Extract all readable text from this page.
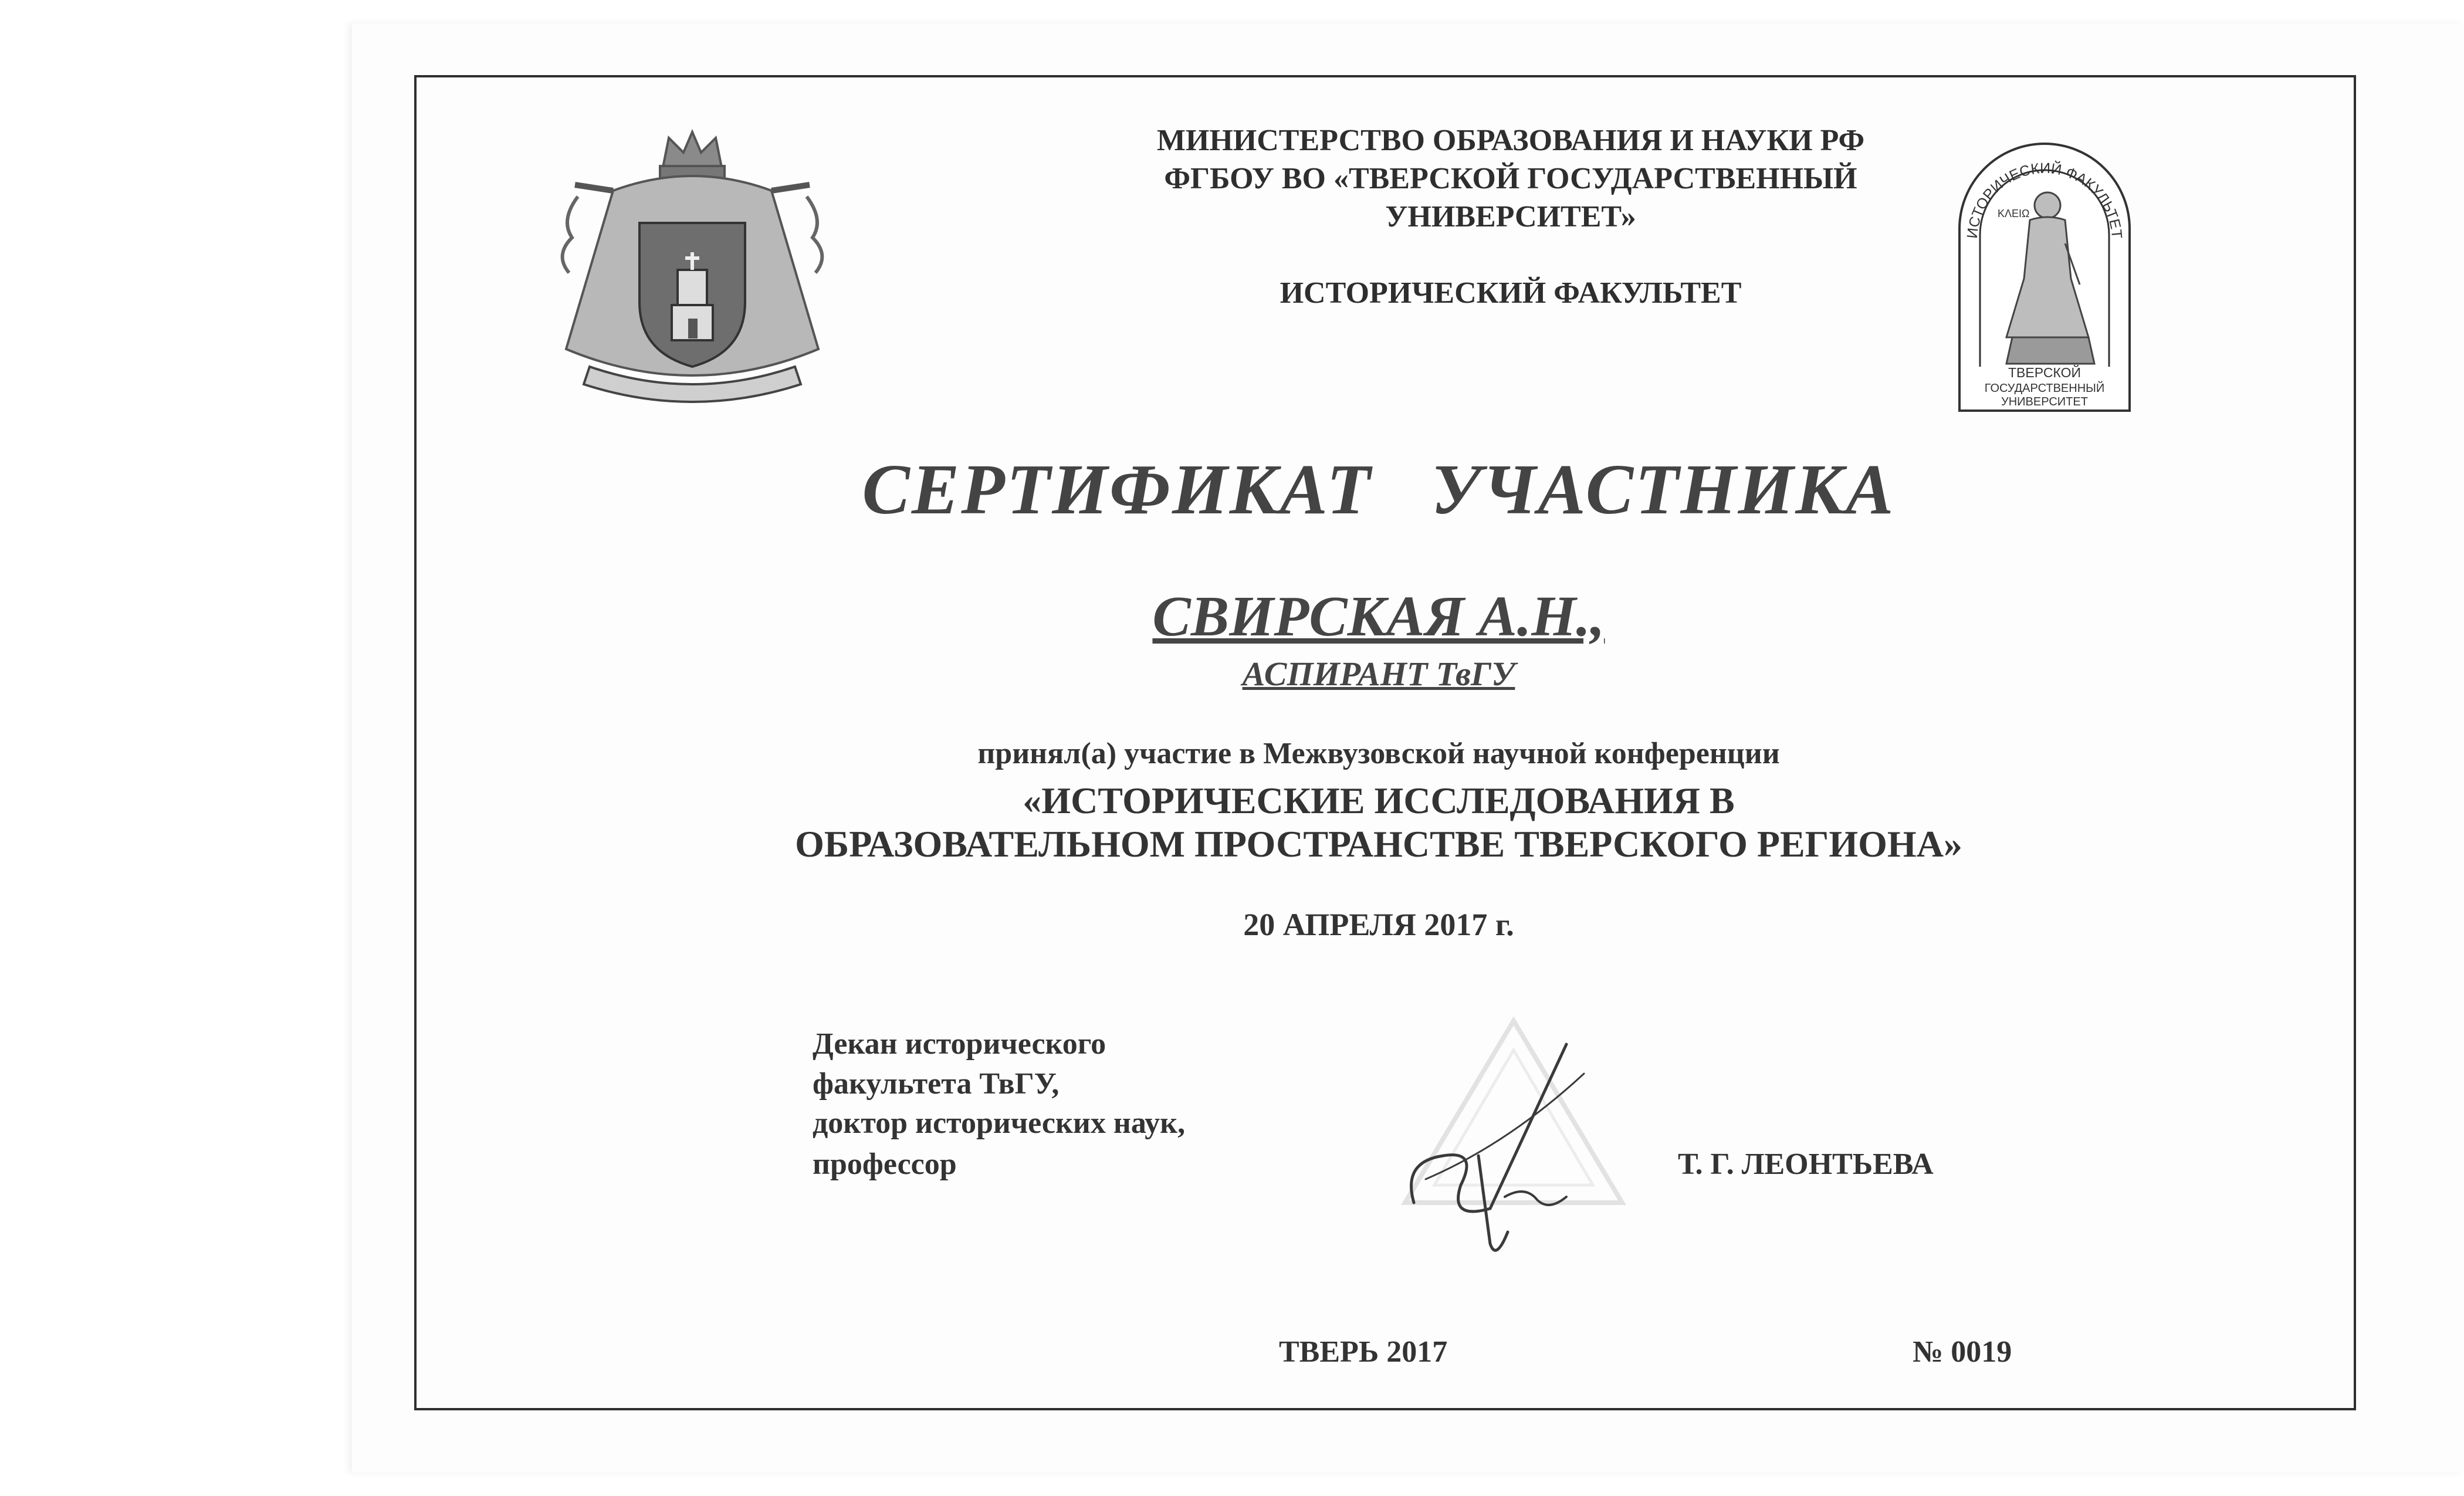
МИНИСТЕРСТВО ОБРАЗОВАНИЯ И НАУКИ РФ
ФГБОУ ВО «ТВЕРСКОЙ ГОСУДАРСТВЕННЫЙ
УНИВЕРСИТЕТ»
ИСТОРИЧЕСКИЙ ФАКУЛЬТЕТ
ИСТОРИЧЕСКИЙ ФАКУЛЬТЕТ
ΚΛΕΙΩ
ТВЕРСКОЙ
ГОСУДАРСТВЕННЫЙ
УНИВЕРСИТЕТ
СЕРТИФИКАТ   УЧАСТНИКА
СВИРСКАЯ А.Н.,
АСПИРАНТ ТвГУ
принял(а) участие в Межвузовской научной конференции
«ИСТОРИЧЕСКИЕ ИССЛЕДОВАНИЯ В
ОБРАЗОВАТЕЛЬНОМ ПРОСТРАНСТВЕ ТВЕРСКОГО РЕГИОНА»
20 АПРЕЛЯ 2017 г.
Декан исторического
факультета ТвГУ,
доктор исторических наук,
профессор	Т. Г. ЛЕОНТЬЕВА
ТВЕРЬ 2017	№ 0019
